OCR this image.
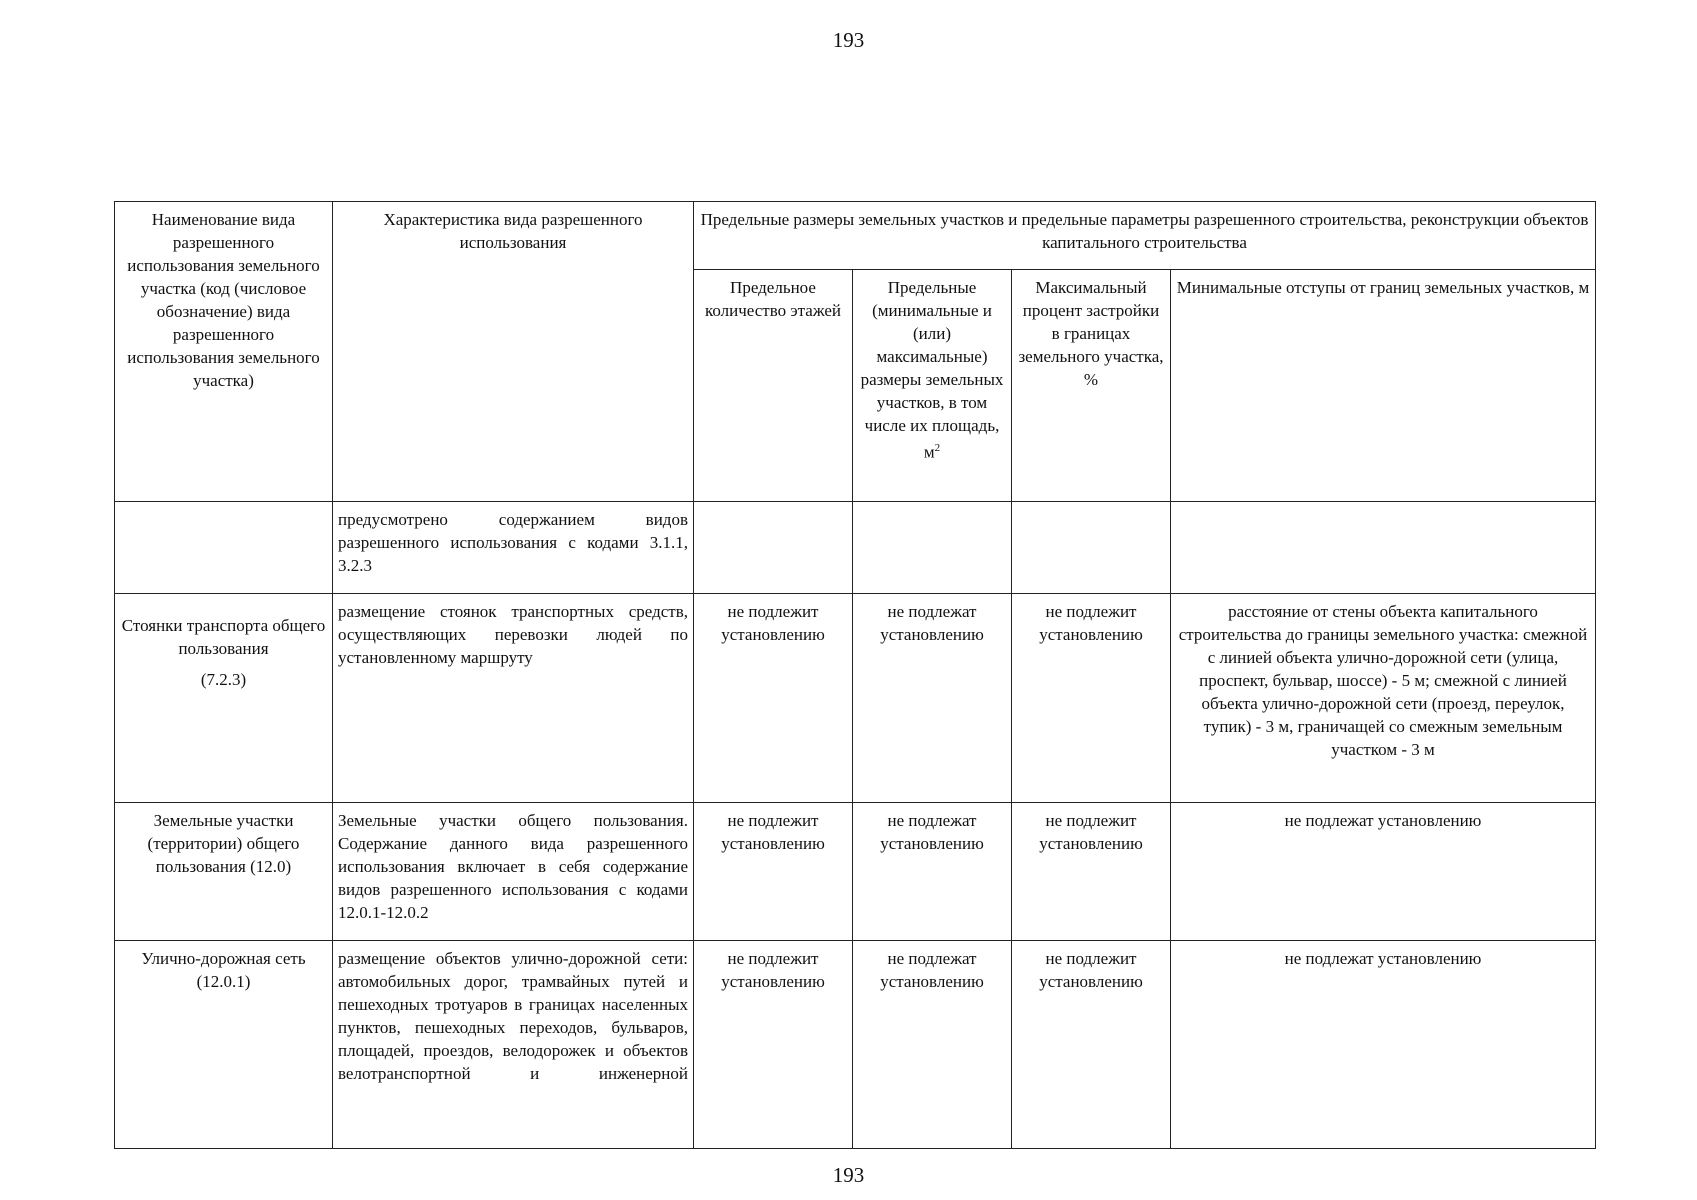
193
Наименование вида разрешенного использования земельного участка (код (числовое обозначение) вида разрешенного использования земельного участка)	Характеристика вида разрешенного использования	Предельные размеры земельных участков и предельные параметры разрешенного строительства, реконструкции объектов капитального строительства			
		Предельное количество этажей	Предельные (минимальные и (или) максимальные) размеры земельных участков, в том числе их площадь, $м^2$	Максимальный процент застройки в границах земельного участка, %	Минимальные отступы от границ земельных участков, м
	предусмотрено содержанием видов разрешенного использования с кодами 3.1.1, 3.2.3				
Стоянки транспорта общего пользования
(7.2.3)	размещение стоянок транспортных средств, осуществляющих перевозки людей по установленному маршруту	не подлежит установлению	не подлежат установлению	не подлежит установлению	расстояние от стены объекта капитального строительства до границы земельного участка: смежной с линией объекта улично-дорожной сети (улица, проспект, бульвар, шоссе) - 5 м; смежной с линией объекта улично-дорожной сети (проезд, переулок, тупик) - 3 м, граничащей со смежным земельным участком - 3 м
Земельные участки (территории) общего пользования (12.0)	Земельные участки общего пользования. Содержание данного вида разрешенного использования включает в себя содержание видов разрешенного использования с кодами 12.0.1-12.0.2	не подлежит установлению	не подлежат установлению	не подлежит установлению	не подлежат установлению
Улично-дорожная сеть
(12.0.1)	размещение объектов улично-дорожной сети: автомобильных дорог, трамвайных путей и пешеходных тротуаров в границах населенных пунктов, пешеходных переходов, бульваров, площадей, проездов, велодорожек и объектов велотранспортной и инженерной	не подлежит установлению	не подлежат установлению	не подлежит установлению	не подлежат установлению
193
